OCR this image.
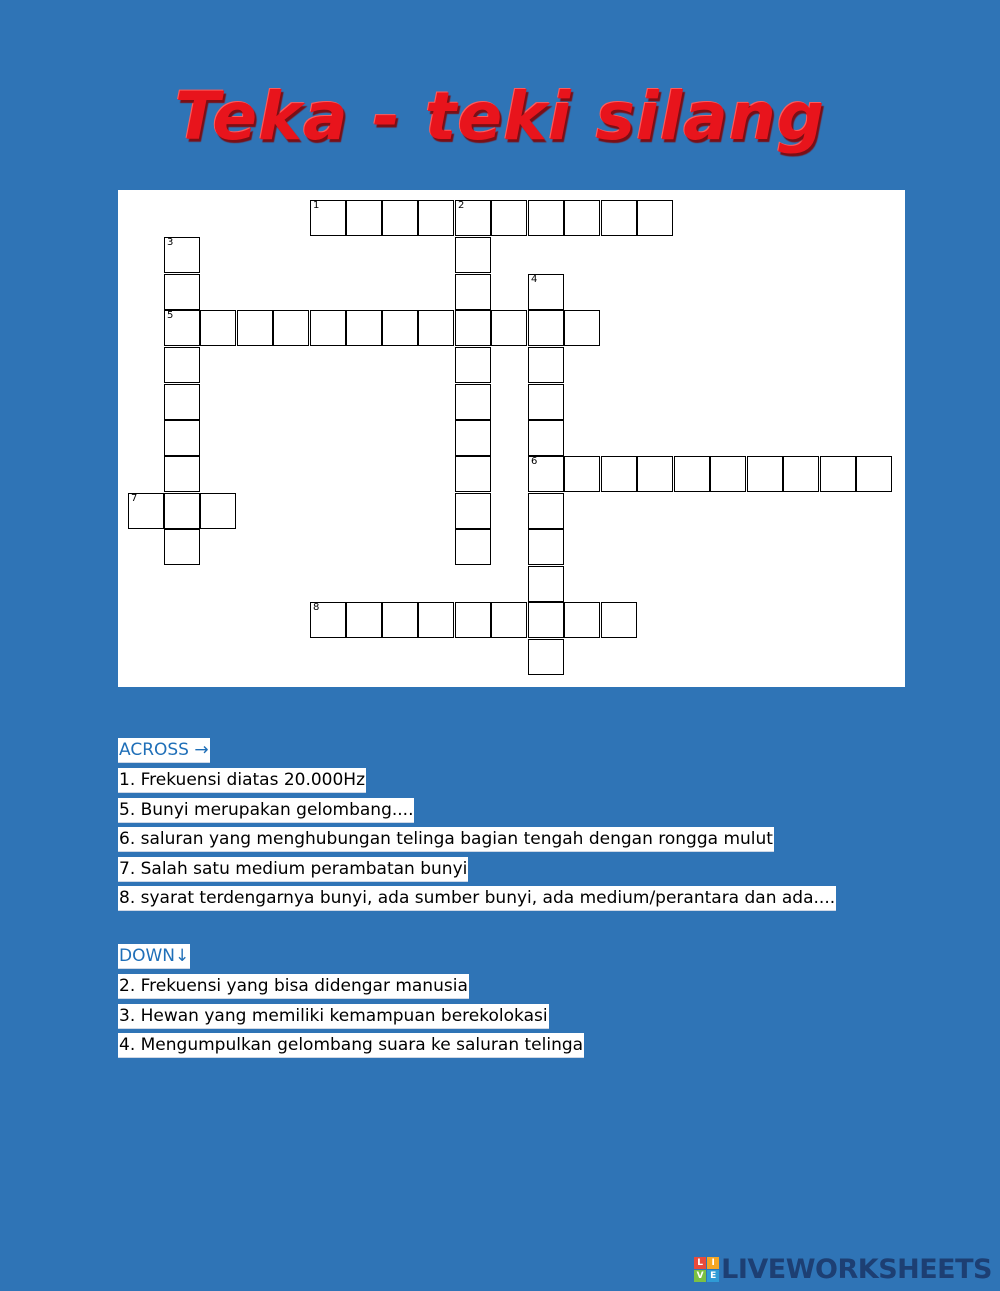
Teka - teki silang
1	2
3
4
5
6
7
8
ACROSS →
1. Frekuensi diatas 20.000Hz
5. Bunyi merupakan gelombang....
6. saluran yang menghubungan telinga bagian tengah dengan rongga mulut
7. Salah satu medium perambatan bunyi
8. syarat terdengarnya bunyi, ada sumber bunyi, ada medium/perantara dan ada....
DOWN↓
2. Frekuensi yang bisa didengar manusia
3. Hewan yang memiliki kemampuan berekolokasi
4. Mengumpulkan gelombang suara ke saluran telinga
L I
V E LIVEWORKSHEETS
